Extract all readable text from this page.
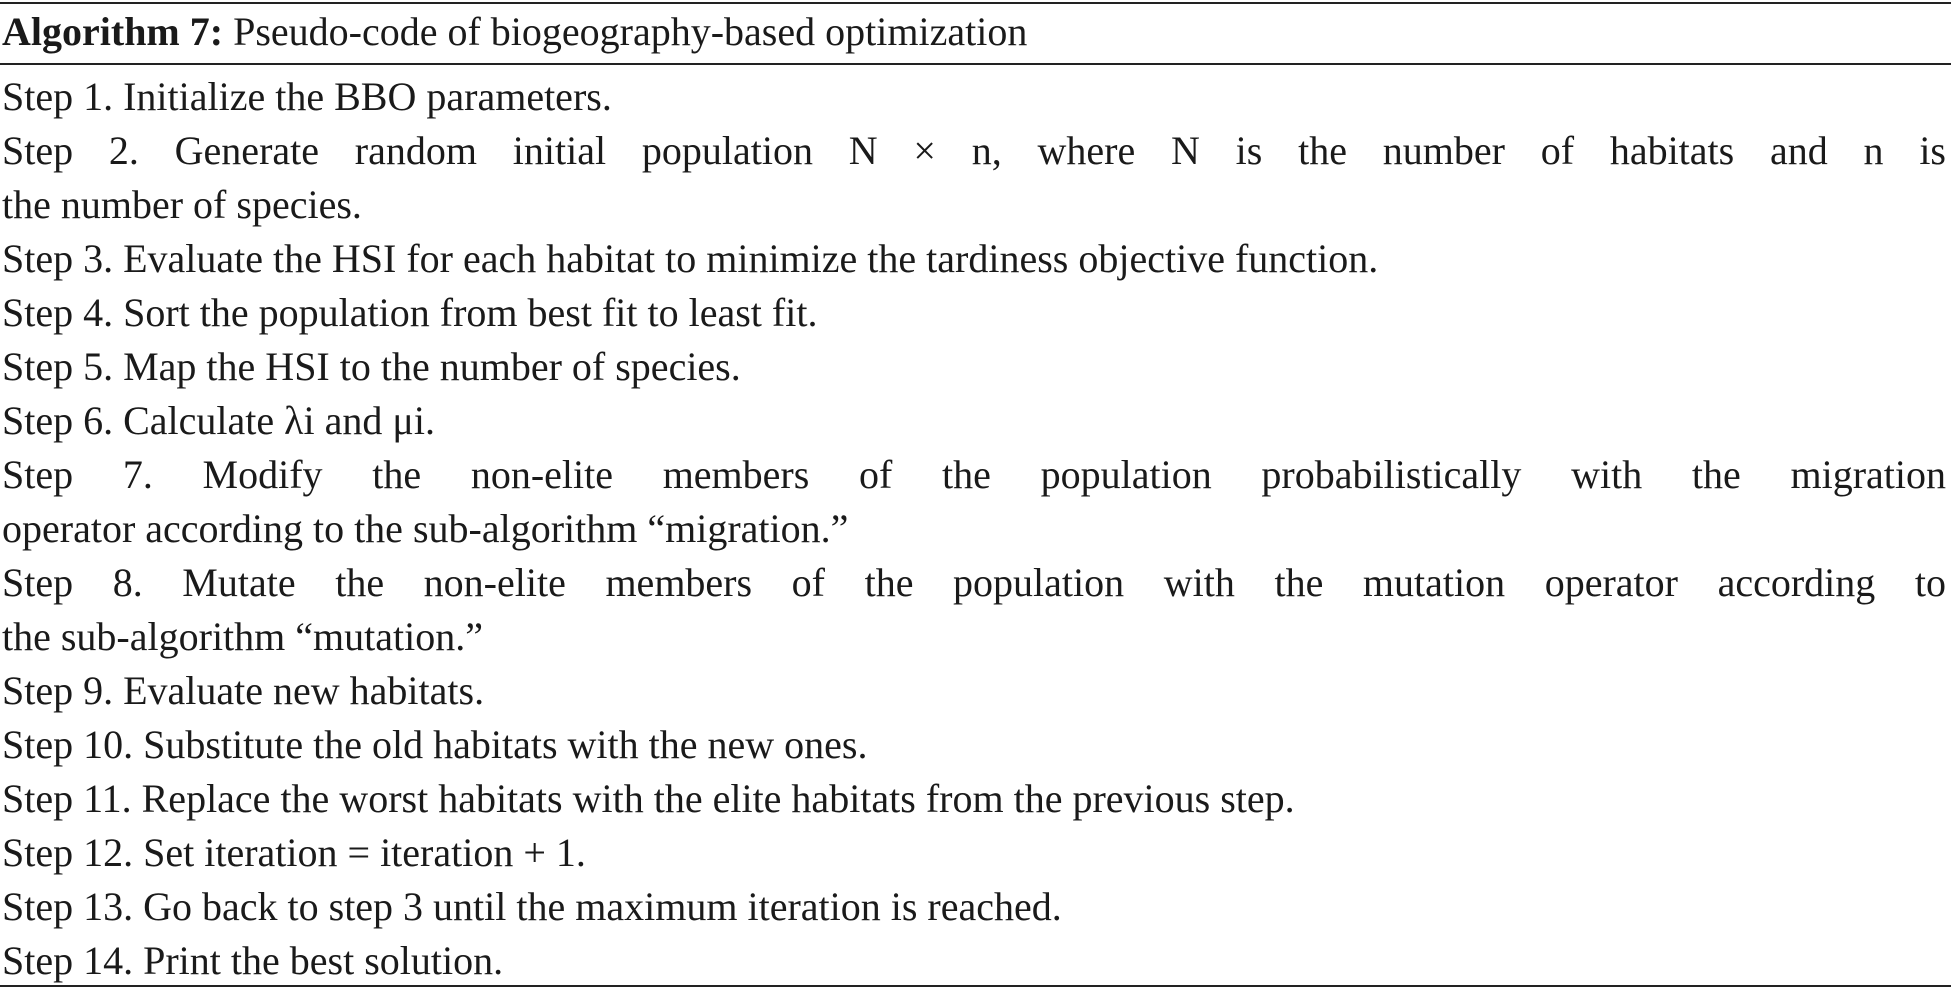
Algorithm 7: Pseudo-code of biogeography-based optimization
Step 1. Initialize the BBO parameters.
Step 2. Generate random initial population N × n, where N is the number of habitats and n is
the number of species.
Step 3. Evaluate the HSI for each habitat to minimize the tardiness objective function.
Step 4. Sort the population from best fit to least fit.
Step 5. Map the HSI to the number of species.
Step 6. Calculate λi and μi.
Step 7. Modify the non-elite members of the population probabilistically with the migration
operator according to the sub-algorithm “migration.”
Step 8. Mutate the non-elite members of the population with the mutation operator according to
the sub-algorithm “mutation.”
Step 9. Evaluate new habitats.
Step 10. Substitute the old habitats with the new ones.
Step 11. Replace the worst habitats with the elite habitats from the previous step.
Step 12. Set iteration = iteration + 1.
Step 13. Go back to step 3 until the maximum iteration is reached.
Step 14. Print the best solution.
